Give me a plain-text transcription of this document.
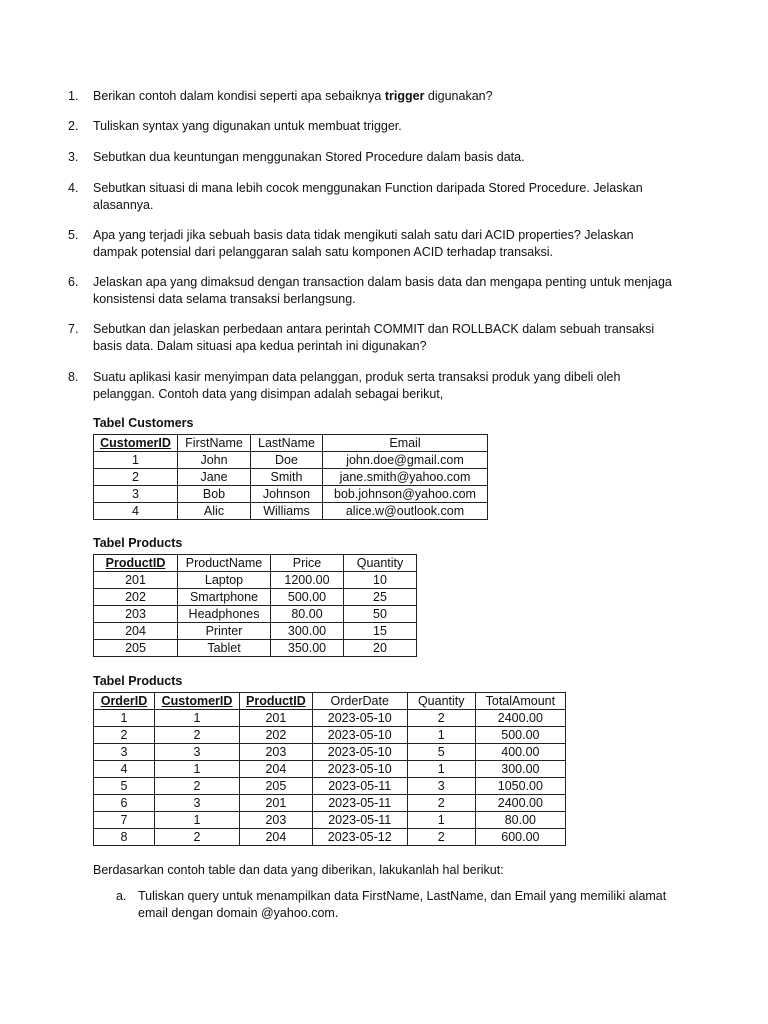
1. Berikan contoh dalam kondisi seperti apa sebaiknya trigger digunakan?
2. Tuliskan syntax yang digunakan untuk membuat trigger.
3. Sebutkan dua keuntungan menggunakan Stored Procedure dalam basis data.
4. Sebutkan situasi di mana lebih cocok menggunakan Function daripada Stored Procedure. Jelaskan alasannya.
5. Apa yang terjadi jika sebuah basis data tidak mengikuti salah satu dari ACID properties? Jelaskan dampak potensial dari pelanggaran salah satu komponen ACID terhadap transaksi.
6. Jelaskan apa yang dimaksud dengan transaction dalam basis data dan mengapa penting untuk menjaga konsistensi data selama transaksi berlangsung.
7. Sebutkan dan jelaskan perbedaan antara perintah COMMIT dan ROLLBACK dalam sebuah transaksi basis data. Dalam situasi apa kedua perintah ini digunakan?
8. Suatu aplikasi kasir menyimpan data pelanggan, produk serta transaksi produk yang dibeli oleh pelanggan. Contoh data yang disimpan adalah sebagai berikut,
Tabel Customers
CustomerID	FirstName	LastName	Email
1	John	Doe	john.doe@gmail.com
2	Jane	Smith	jane.smith@yahoo.com
3	Bob	Johnson	bob.johnson@yahoo.com
4	Alic	Williams	alice.w@outlook.com
Tabel Products
ProductID	ProductName	Price	Quantity
201	Laptop	1200.00	10
202	Smartphone	500.00	25
203	Headphones	80.00	50
204	Printer	300.00	15
205	Tablet	350.00	20
Tabel Products
OrderID	CustomerID	ProductID	OrderDate	Quantity	TotalAmount
1	1	201	2023-05-10	2	2400.00
2	2	202	2023-05-10	1	500.00
3	3	203	2023-05-10	5	400.00
4	1	204	2023-05-10	1	300.00
5	2	205	2023-05-11	3	1050.00
6	3	201	2023-05-11	2	2400.00
7	1	203	2023-05-11	1	80.00
8	2	204	2023-05-12	2	600.00
Berdasarkan contoh table dan data yang diberikan, lakukanlah hal berikut:
a. Tuliskan query untuk menampilkan data FirstName, LastName, dan Email yang memiliki alamat email dengan domain @yahoo.com.
